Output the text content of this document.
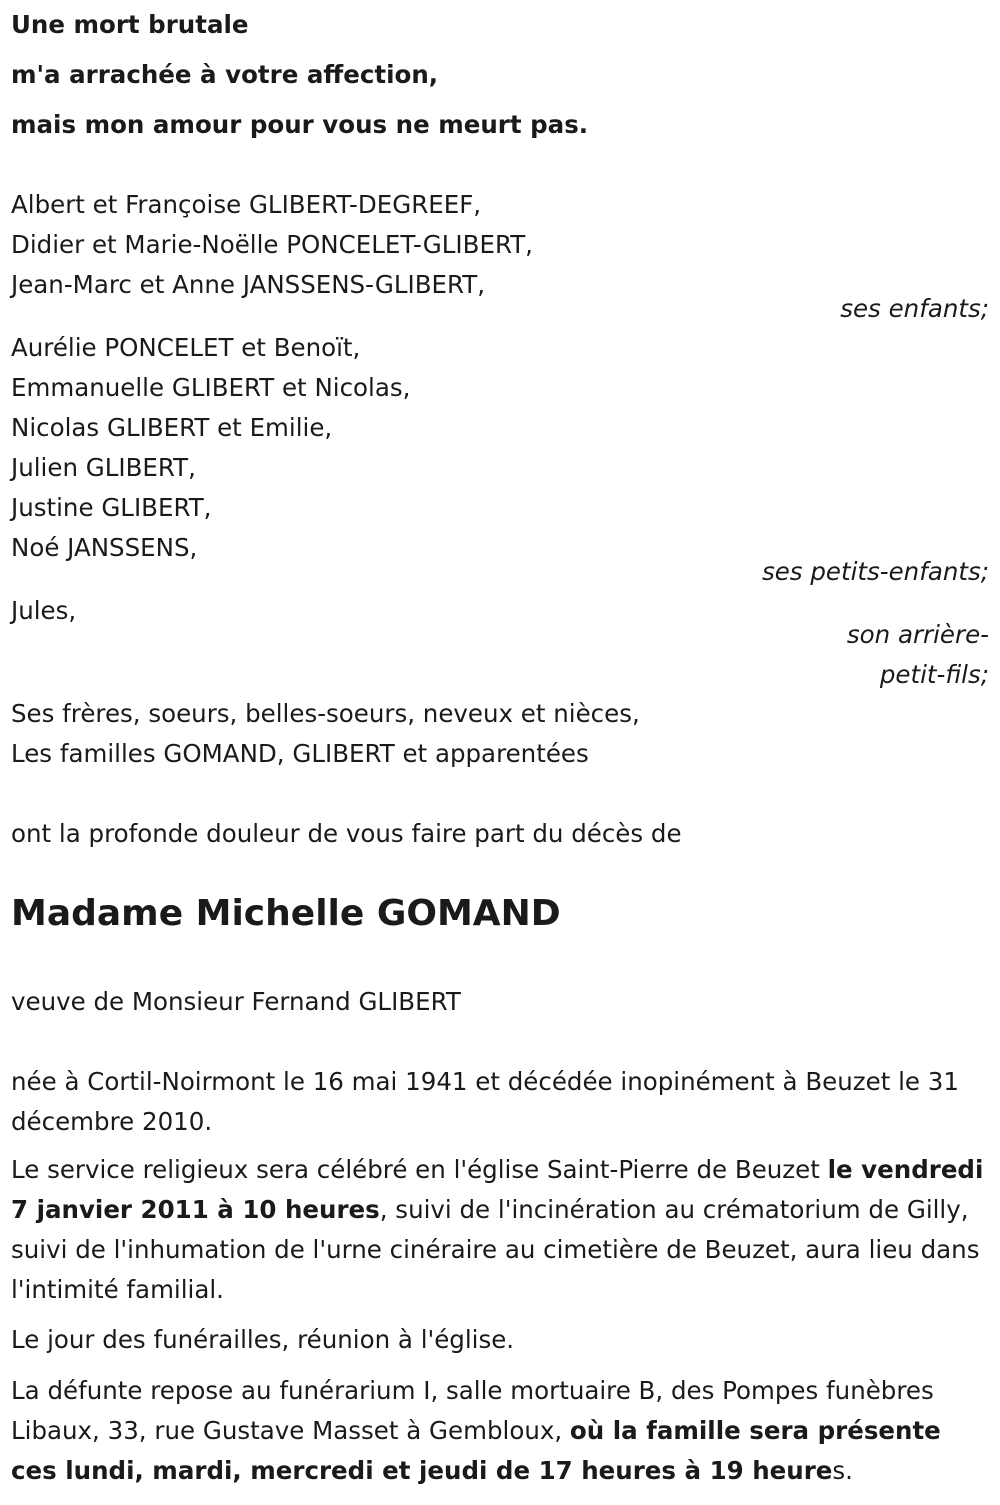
Une mort brutale

m'a arrachée à votre affection,

mais mon amour pour vous ne meurt pas.

Albert et Françoise GLIBERT-DEGREEF,

Didier et Marie-Noëlle PONCELET-GLIBERT,

Jean-Marc et Anne JANSSENS-GLIBERT,

ses enfants;

Aurélie PONCELET et Benoït,

Emmanuelle GLIBERT et Nicolas,

Nicolas GLIBERT et Emilie,

Julien GLIBERT,

Justine GLIBERT,

Noé JANSSENS,

ses petits-enfants;

Jules,

son arrière-

petit-fils;

Ses frères, soeurs, belles-soeurs, neveux et nièces,

Les familles GOMAND, GLIBERT et apparentées

ont la profonde douleur de vous faire part du décès de

Madame Michelle GOMAND

veuve de Monsieur Fernand GLIBERT

née à Cortil-Noirmont le 16 mai 1941 et décédée inopinément à Beuzet le 31 décembre 2010.

Le service religieux sera célébré en l'église Saint-Pierre de Beuzet le vendredi 7 janvier 2011 à 10 heures, suivi de l'incinération au crématorium de Gilly, suivi de l'inhumation de l'urne cinéraire au cimetière de Beuzet, aura lieu dans l'intimité familial.

Le jour des funérailles, réunion à l'église.

La défunte repose au funérarium I, salle mortuaire B, des Pompes funèbres Libaux, 33, rue Gustave Masset à Gembloux, où la famille sera présente ces lundi, mardi, mercredi et jeudi de 17 heures à 19 heures.
